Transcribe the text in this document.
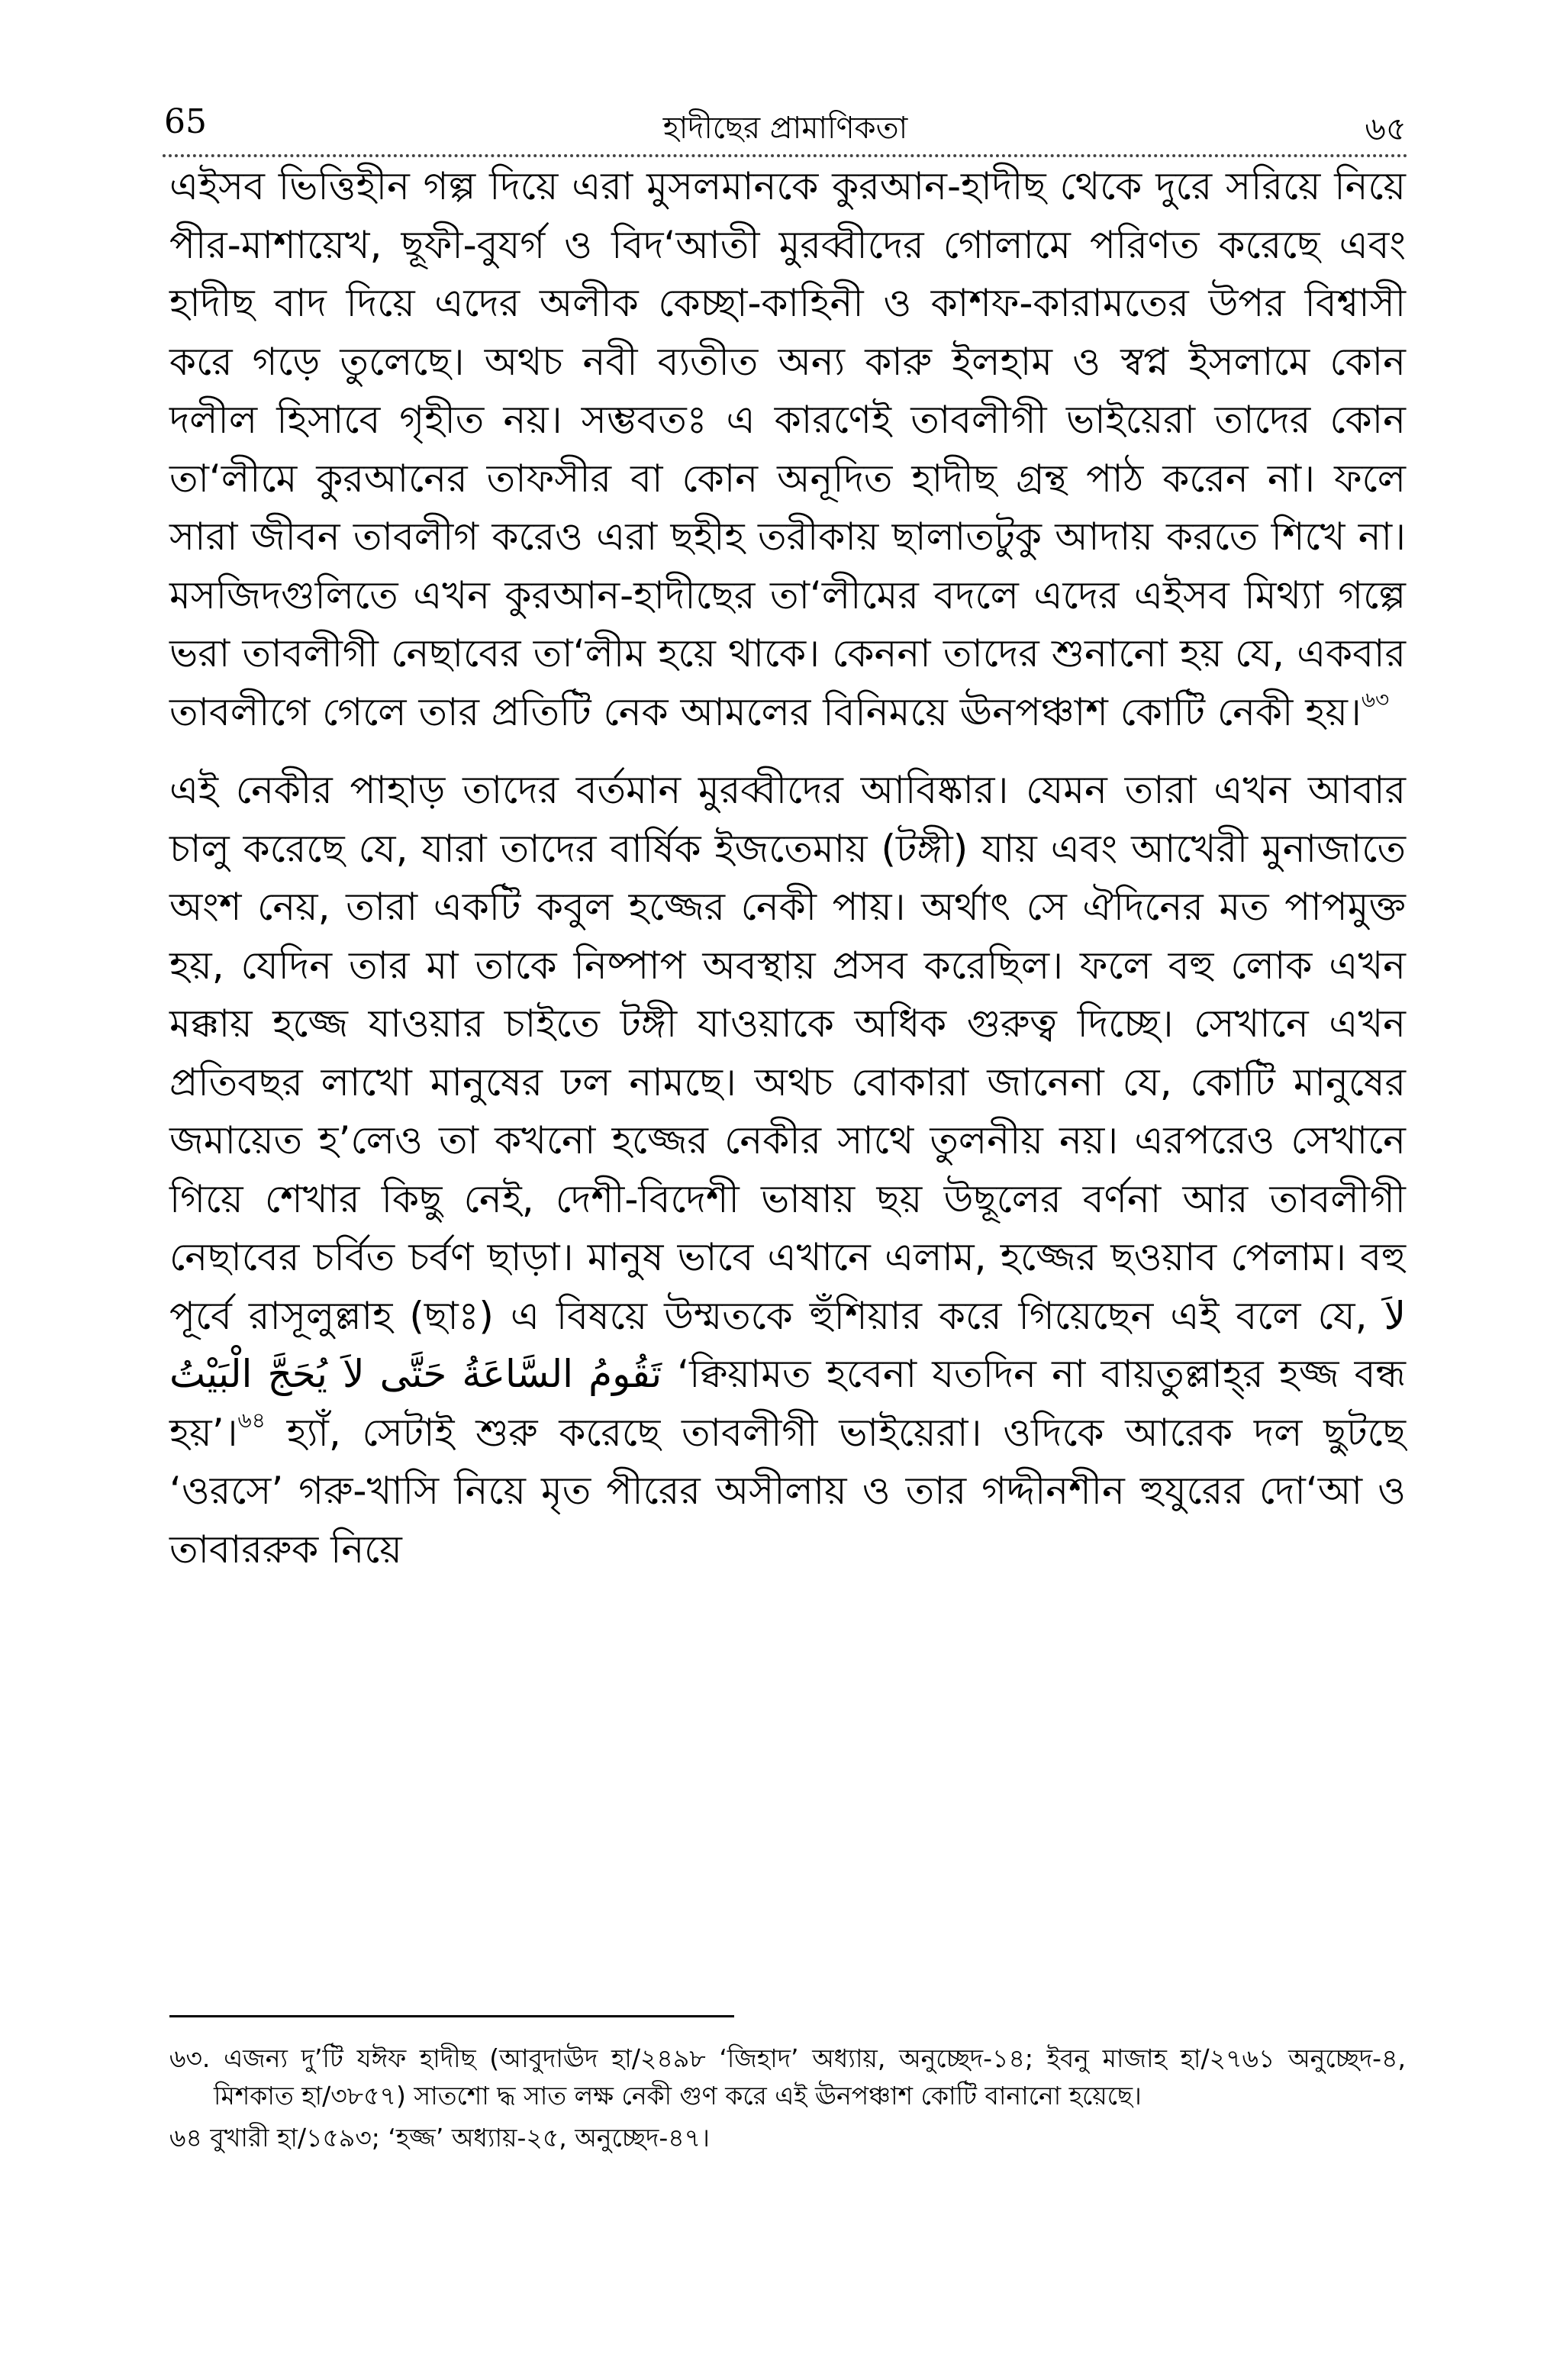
65	হাদীছের প্রামাণিকতা	৬৫

এইসব ভিত্তিহীন গল্প দিয়ে এরা মুসলমানকে কুরআন-হাদীছ থেকে দুরে সরিয়ে নিয়ে পীর-মাশায়েখ, ছূফী-বুযর্গ ও বিদ‘আতী মুরব্বীদের গোলামে পরিণত করেছে এবং হাদীছ বাদ দিয়ে এদের অলীক কেচ্ছা-কাহিনী ও কাশফ-কারামতের উপর বিশ্বাসী করে গড়ে তুলেছে। অথচ নবী ব্যতীত অন্য কারু ইলহাম ও স্বপ্ন ইসলামে কোন দলীল হিসাবে গৃহীত নয়। সম্ভবতঃ এ কারণেই তাবলীগী ভাইয়েরা তাদের কোন তা‘লীমে কুরআনের তাফসীর বা কোন অনূদিত হাদীছ গ্রন্থ পাঠ করেন না। ফলে সারা জীবন তাবলীগ করেও এরা ছহীহ তরীকায় ছালাতটুকু আদায় করতে শিখে না। মসজিদগুলিতে এখন কুরআন-হাদীছের তা‘লীমের বদলে এদের এইসব মিথ্যা গল্পে ভরা তাবলীগী নেছাবের তা‘লীম হয়ে থাকে। কেননা তাদের শুনানো হয় যে, একবার তাবলীগে গেলে তার প্রতিটি নেক আমলের বিনিময়ে ঊনপঞ্চাশ কোটি নেকী হয়।$^{৬৩}$

এই নেকীর পাহাড় তাদের বর্তমান মুরব্বীদের আবিষ্কার। যেমন তারা এখন আবার চালু করেছে যে, যারা তাদের বার্ষিক ইজতেমায় (টঙ্গী) যায় এবং আখেরী মুনাজাতে অংশ নেয়, তারা একটি কবুল হজ্জের নেকী পায়। অর্থাৎ সে ঐদিনের মত পাপমুক্ত হয়, যেদিন তার মা তাকে নিষ্পাপ অবস্থায় প্রসব করেছিল। ফলে বহু লোক এখন মক্কায় হজ্জে যাওয়ার চাইতে টঙ্গী যাওয়াকে অধিক গুরুত্ব দিচ্ছে। সেখানে এখন প্রতিবছর লাখো মানুষের ঢল নামছে। অথচ বোকারা জানেনা যে, কোটি মানুষের জমায়েত হ’লেও তা কখনো হজ্জের নেকীর সাথে তুলনীয় নয়। এরপরেও সেখানে গিয়ে শেখার কিছু নেই, দেশী-বিদেশী ভাষায় ছয় উছূলের বর্ণনা আর তাবলীগী নেছাবের চর্বিত চর্বণ ছাড়া। মানুষ ভাবে এখানে এলাম, হজ্জের ছওয়াব পেলাম। বহু পূর্বে রাসূলুল্লাহ (ছাঃ) এ বিষয়ে উম্মতকে হুঁশিয়ার করে গিয়েছেন এই বলে যে, لاَ تَقُومُ السَّاعَةُ حَتَّى لاَ يُحَجَّ الْبَيْتُ ‘ক্বিয়ামত হবেনা যতদিন না বায়তুল্লাহ্‌র হজ্জ বন্ধ হয়’।$^{৬৪}$ হ্যাঁ, সেটাই শুরু করেছে তাবলীগী ভাইয়েরা। ওদিকে আরেক দল ছুটছে ‘ওরসে’ গরু-খাসি নিয়ে মৃত পীরের অসীলায় ও তার গদ্দীনশীন হুযুরের দো‘আ ও তাবাররুক নিয়ে

৬৩. এজন্য দু’টি যঈফ হাদীছ (আবুদাঊদ হা/২৪৯৮ ‘জিহাদ’ অধ্যায়, অনুচ্ছেদ-১৪; ইবনু মাজাহ হা/২৭৬১ অনুচ্ছেদ-৪, মিশকাত হা/৩৮৫৭) সাতশো দ্ধ সাত লক্ষ নেকী গুণ করে এই ঊনপঞ্চাশ কোটি বানানো হয়েছে।

৬৪ বুখারী হা/১৫৯৩; ‘হজ্জ’ অধ্যায়-২৫, অনুচ্ছেদ-৪৭।
